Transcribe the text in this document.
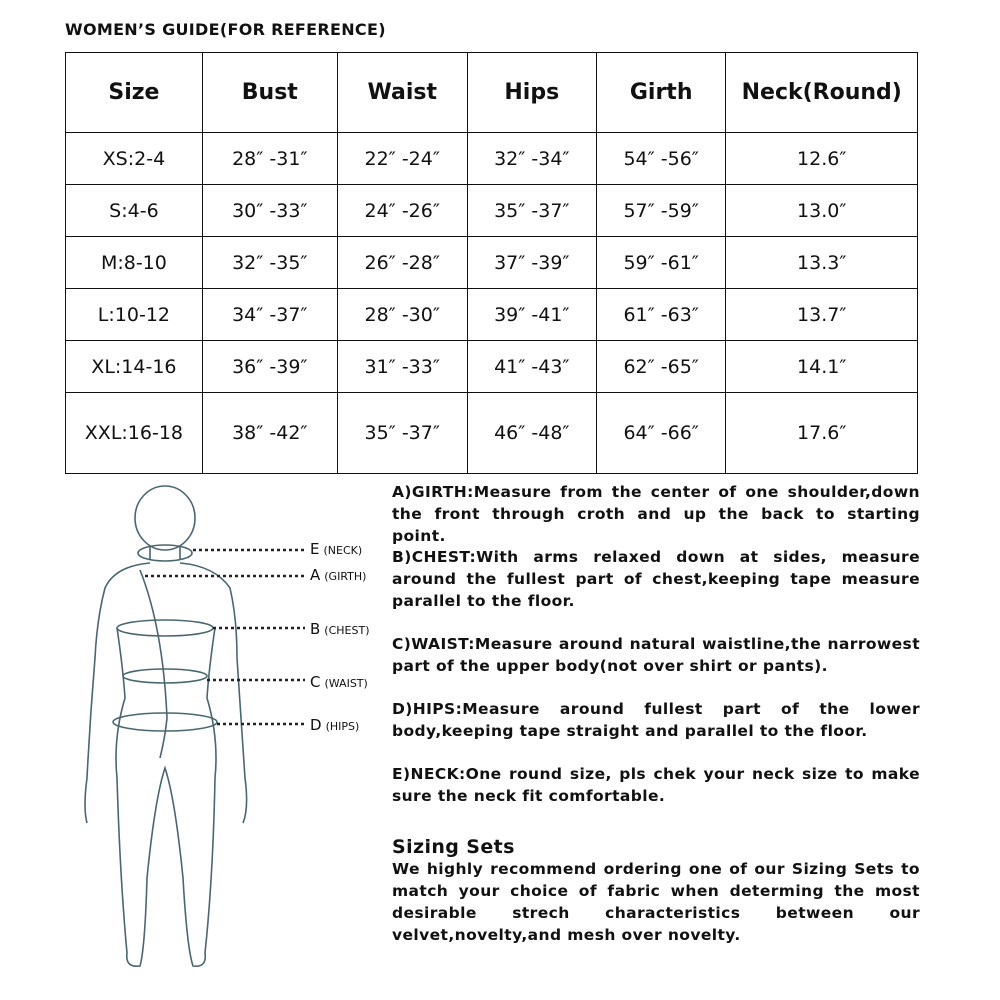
WOMEN’S GUIDE(FOR REFERENCE)
Size	Bust	Waist	Hips	Girth	Neck(Round)
XS:2-4	28″ -31″	22″ -24″	32″ -34″	54″ -56″	12.6″
S:4-6	30″ -33″	24″ -26″	35″ -37″	57″ -59″	13.0″
M:8-10	32″ -35″	26″ -28″	37″ -39″	59″ -61″	13.3″
L:10-12	34″ -37″	28″ -30″	39″ -41″	61″ -63″	13.7″
XL:14-16	36″ -39″	31″ -33″	41″ -43″	62″ -65″	14.1″
XXL:16-18	38″ -42″	35″ -37″	46″ -48″	64″ -66″	17.6″
E (NECK)
A (GIRTH)
B (CHEST)
C (WAIST)
D (HIPS)
A)GIRTH:Measure from the center of one shoulder,down the front through croth and up the back to starting point.
B)CHEST:With arms relaxed down at sides, measure around the fullest part of chest,keeping tape measure parallel to the floor.
C)WAIST:Measure around natural waistline,the narrowest part of the upper body(not over shirt or pants).
D)HIPS:Measure around fullest part of the lower body,keeping tape straight and parallel to the floor.
E)NECK:One round size, pls chek your neck size to make sure the neck fit comfortable.
Sizing Sets
We highly recommend ordering one of our Sizing Sets to match your choice of fabric when determing the most desirable strech characteristics between our velvet,novelty,and mesh over novelty.
